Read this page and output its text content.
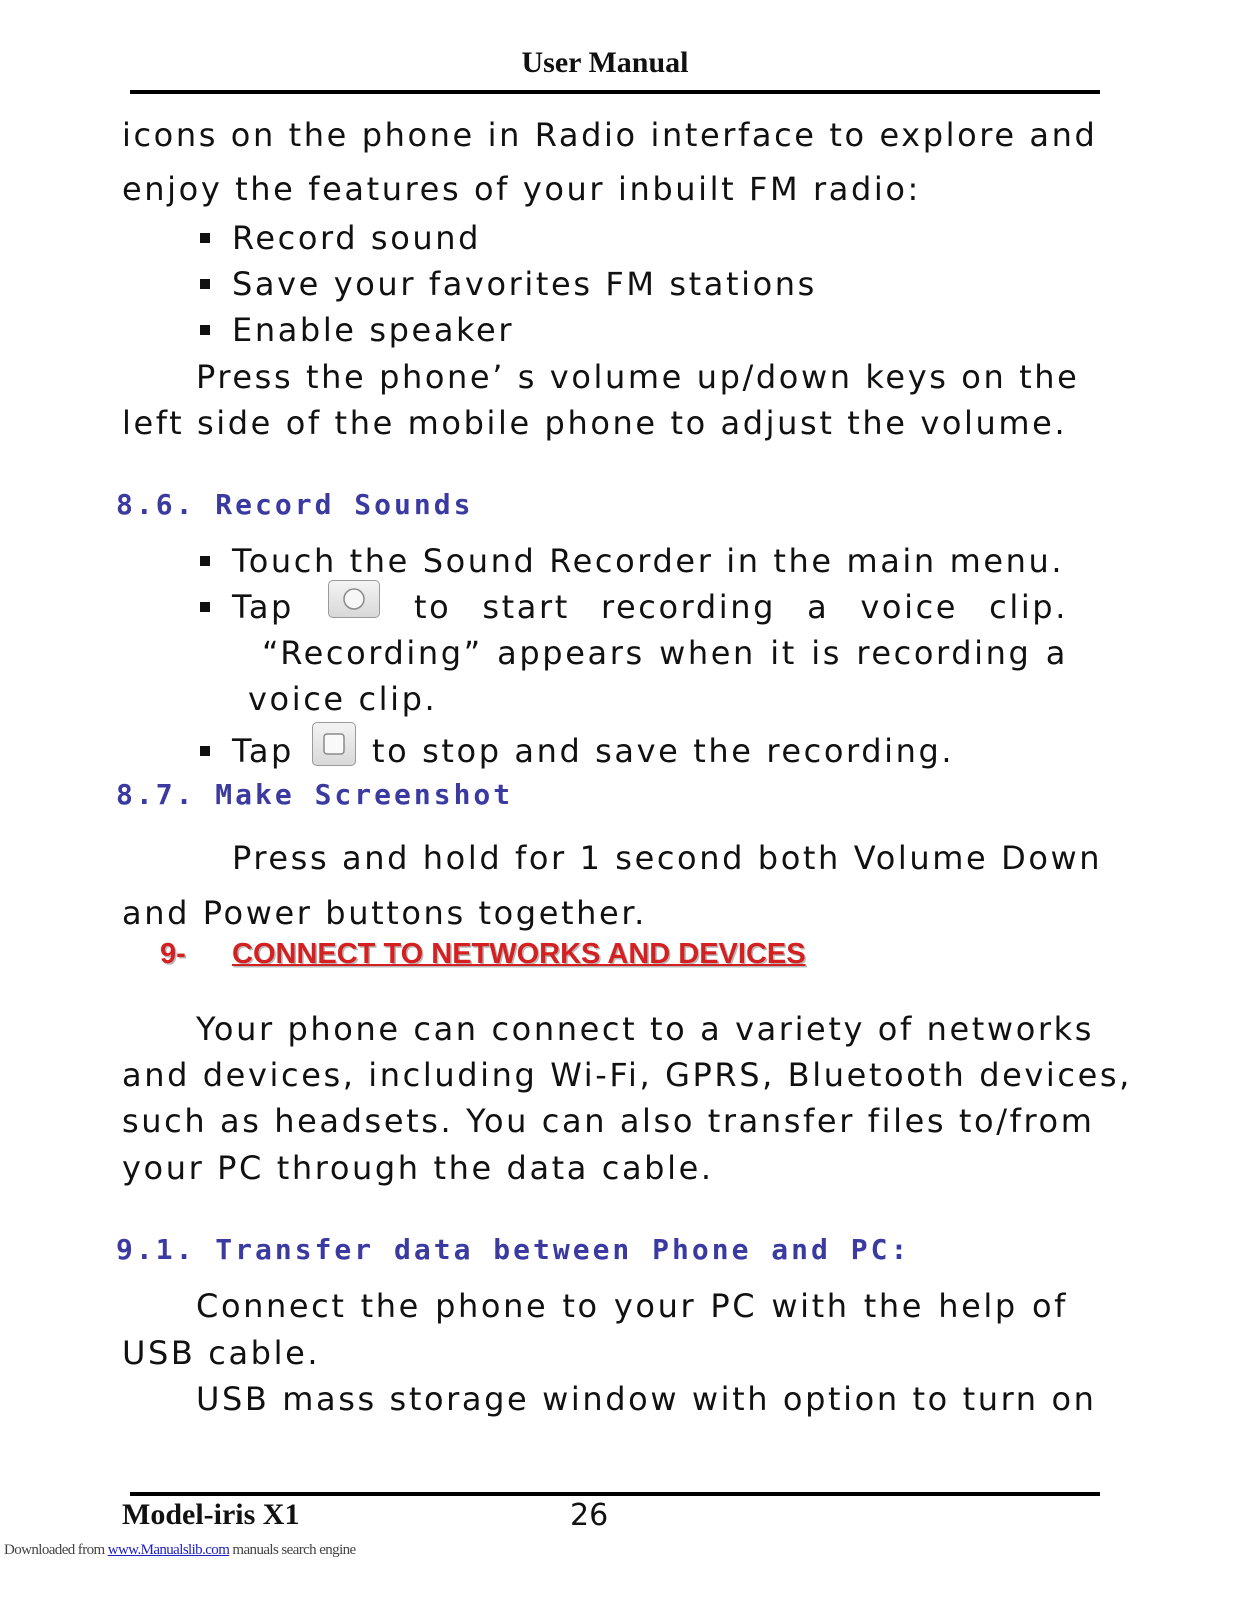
User Manual
icons on the phone in Radio interface to explore and
enjoy the features of your inbuilt FM radio:
Record sound
Save your favorites FM stations
Enable speaker
Press the phone’ s volume up/down keys on the
left side of the mobile phone to adjust the volume.
8.6. Record Sounds
Touch the Sound Recorder in the main menu.
Tap	to start recording a voice clip.
“Recording” appears when it is recording a
voice clip.
Tap to stop and save the recording.
8.7. Make Screenshot
Press and hold for 1 second both Volume Down
and Power buttons together.
9- CONNECT TO NETWORKS AND DEVICES
Your phone can connect to a variety of networks
and devices, including Wi-Fi, GPRS, Bluetooth devices,
such as headsets. You can also transfer files to/from
your PC through the data cable.
9.1. Transfer data between Phone and PC:
Connect the phone to your PC with the help of
USB cable.
USB mass storage window with option to turn on
Model-iris X1	26
Downloaded from www.Manualslib.com manuals search engine
